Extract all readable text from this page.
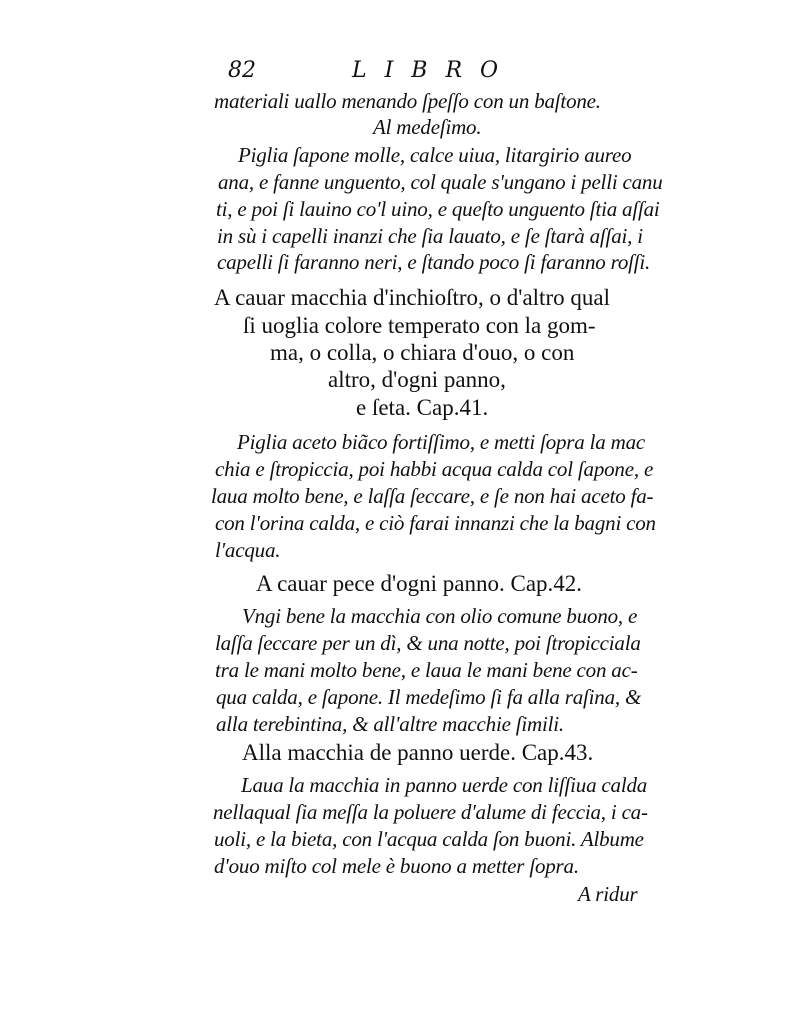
82	LIBRO
materiali uallo menando ſpeſſo con un baſtone.
Al medeſimo.
Piglia ſapone molle, calce uiua, litargirio aureo
ana, e fanne unguento, col quale s'ungano i pelli canu
ti, e poi ſi lauino co'l uino, e queſto unguento ſtia aſſai
in sù i capelli inanzi che ſia lauato, e ſe ſtarà aſſai, i
capelli ſi faranno neri, e ſtando poco ſi faranno roſſi.
A cauar macchia d'inchioſtro, o d'altro qual
ſi uoglia colore temperato con la gom-
ma, o colla, o chiara d'ouo, o con
altro, d'ogni panno,
e ſeta. Cap.41.
Piglia aceto biãco fortiſſimo, e metti ſopra la mac
chia e ſtropiccia, poi habbi acqua calda col ſapone, e
laua molto bene, e laſſa ſeccare, e ſe non hai aceto fa-
con l'orina calda, e ciò farai innanzi che la bagni con
l'acqua.
A cauar pece d'ogni panno. Cap.42.
Vngi bene la macchia con olio comune buono, e
laſſa ſeccare per un dì, & una notte, poi ſtropicciala
tra le mani molto bene, e laua le mani bene con ac-
qua calda, e ſapone. Il medeſimo ſi fa alla raſina, &
alla terebintina, & all'altre macchie ſimili.
Alla macchia de panno uerde. Cap.43.
Laua la macchia in panno uerde con liſſiua calda
nellaqual ſia meſſa la poluere d'alume di feccia, i ca-
uoli, e la bieta, con l'acqua calda ſon buoni. Albume
d'ouo miſto col mele è buono a metter ſopra.
A ridur
